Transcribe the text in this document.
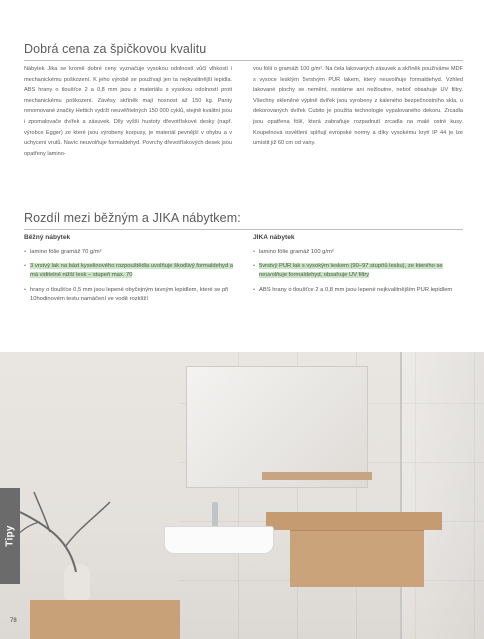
Dobrá cena za špičkovou kvalitu

Nábytek Jika se kromě dobré ceny vyznačuje vysokou odolností vůči vlhkosti i mechanickému poškození. K jeho výrobě se používají jen ta nejkvalitnější lepidla. ABS hrany o tloušťce 2 a 0,8 mm jsou z materiálu s vysokou odolností proti mechanickému poškození. Závěsy skříněk mají nosnost až 150 kg. Panty renomované značky Hettich vydrží neuvěřitelných 150 000 cyklů, stejně kvalitní jsou i zpomalovače dvířek a zásuvek. Díly vyšší hustoty dřevotřískové desky (např. výrobce Egger) ze které jsou výrobeny korpusy, je materiál pevnější v ohybu a v uchycení vrutů. Navíc neuvolňuje formaldehyd. Povrchy dřevotřískových desek jsou opatřeny lamino-

vou fólií o gramáži 100 g/m². Na čela lakovaných zásuvek a skříněk používáme MDF s vysoce lesklým 5vrstvým PUR lakem, který neuvolňuje formaldehyd. Vzhled lakované plochy se nemění, nestárne ani nežloutne, neboť obsahuje UV filtry. Všechny skleněné výplně dvířek jsou vyrobeny z kaleného bezpečnostního skla, u dekorovaných dvířek Cubito je použita technologie vypalovaného dekoru. Zrcadla jsou opatřena fólií, která zabraňuje rozpadnutí zrcadla na malé ostré kusy. Koupelnová osvětlení splňují evropské normy a díky vysokému krytí IP 44 je lze umístit již 60 cm od vany.

Rozdíl mezi běžným a JIKA nábytkem:
Běžný nábytek
• lamino fólie gramáž 70 g/m²
• 3 vrstvý lak na bázi kyselinového rozpouštědla uvolňuje škodlivý formaldehyd a má viditelné nižší lesk – stupeň max. 70
• hrany o tloušťce 0,5 mm jsou lepené obyčejným tavným lepidlem, které se při 10hodinovém testu namáčení ve vodě rozklíží
JIKA nábytek
• lamino fólie gramáž 100 g/m²
• 5vrstvý PUR lak s vysokým leskem (90–97 stupňů lesku), ze kterého se neuvolňuje formaldehyd, obsahuje UV filtry
• ABS hrany o tloušťce 2 a 0,8 mm jsou lepené nejkvalitnějším PUR lepidlem
Tipy
78
